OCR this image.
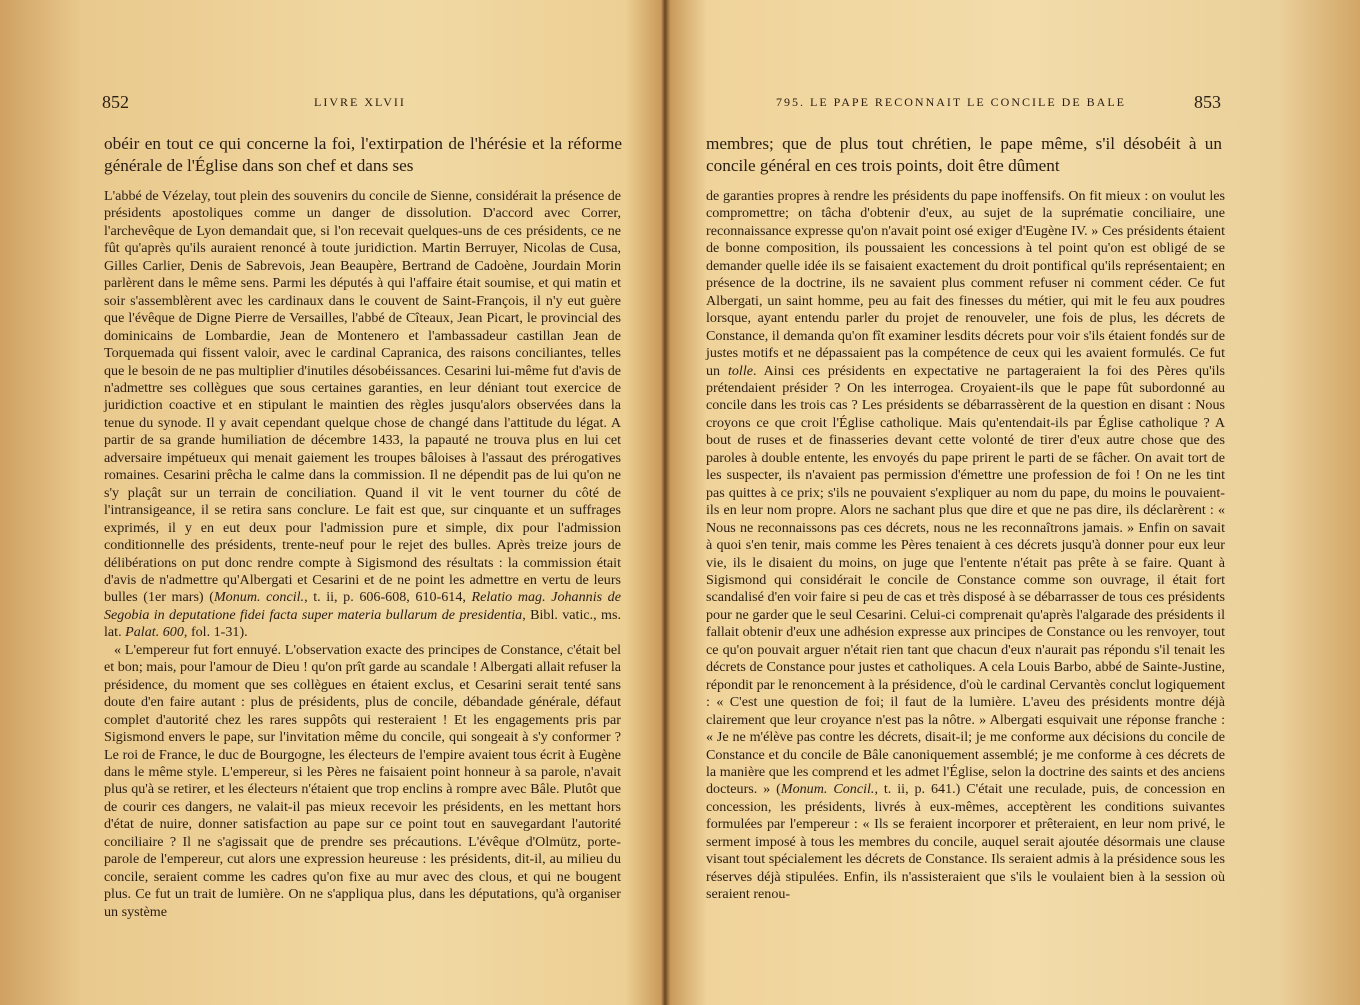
852	LIVRE XLVII
obéir en tout ce qui concerne la foi, l'extirpation de l'hérésie et la réforme générale de l'Église dans son chef et dans ses

L'abbé de Vézelay, tout plein des souvenirs du concile de Sienne, considérait la présence de présidents apostoliques comme un danger de dissolution. D'accord avec Correr, l'archevêque de Lyon demandait que, si l'on recevait quelques-uns de ces présidents, ce ne fût qu'après qu'ils auraient renoncé à toute juridiction. Martin Berruyer, Nicolas de Cusa, Gilles Carlier, Denis de Sabrevois, Jean Beaupère, Bertrand de Cadoène, Jourdain Morin parlèrent dans le même sens. Parmi les députés à qui l'affaire était soumise, et qui matin et soir s'assemblèrent avec les cardinaux dans le couvent de Saint-François, il n'y eut guère que l'évêque de Digne Pierre de Versailles, l'abbé de Cîteaux, Jean Picart, le provincial des dominicains de Lombardie, Jean de Montenero et l'ambassadeur castillan Jean de Torquemada qui fissent valoir, avec le cardinal Capranica, des raisons conciliantes, telles que le besoin de ne pas multiplier d'inutiles désobéissances. Cesarini lui-même fut d'avis de n'admettre ses collègues que sous certaines garanties, en leur déniant tout exercice de juridiction coactive et en stipulant le maintien des règles jusqu'alors observées dans la tenue du synode. Il y avait cependant quelque chose de changé dans l'attitude du légat. A partir de sa grande humiliation de décembre 1433, la papauté ne trouva plus en lui cet adversaire impétueux qui menait gaiement les troupes bâloises à l'assaut des prérogatives romaines. Cesarini prêcha le calme dans la commission. Il ne dépendit pas de lui qu'on ne s'y plaçât sur un terrain de conciliation. Quand il vit le vent tourner du côté de l'intransigeance, il se retira sans conclure. Le fait est que, sur cinquante et un suffrages exprimés, il y en eut deux pour l'admission pure et simple, dix pour l'admission conditionnelle des présidents, trente-neuf pour le rejet des bulles. Après treize jours de délibérations on put donc rendre compte à Sigismond des résultats : la commission était d'avis de n'admettre qu'Albergati et Cesarini et de ne point les admettre en vertu de leurs bulles (1er mars) (Monum. concil., t. ii, p. 606-608, 610-614, Relatio mag. Johannis de Segobia in deputatione fidei facta super materia bullarum de presidentia, Bibl. vatic., ms. lat. Palat. 600, fol. 1-31).

« L'empereur fut fort ennuyé. L'observation exacte des principes de Constance, c'était bel et bon; mais, pour l'amour de Dieu ! qu'on prît garde au scandale ! Albergati allait refuser la présidence, du moment que ses collègues en étaient exclus, et Cesarini serait tenté sans doute d'en faire autant : plus de présidents, plus de concile, débandade générale, défaut complet d'autorité chez les rares suppôts qui resteraient ! Et les engagements pris par Sigismond envers le pape, sur l'invitation même du concile, qui songeait à s'y conformer ? Le roi de France, le duc de Bourgogne, les électeurs de l'empire avaient tous écrit à Eugène dans le même style. L'empereur, si les Pères ne faisaient point honneur à sa parole, n'avait plus qu'à se retirer, et les électeurs n'étaient que trop enclins à rompre avec Bâle. Plutôt que de courir ces dangers, ne valait-il pas mieux recevoir les présidents, en les mettant hors d'état de nuire, donner satisfaction au pape sur ce point tout en sauvegardant l'autorité conciliaire ? Il ne s'agissait que de prendre ses précautions. L'évêque d'Olmütz, porte-parole de l'empereur, cut alors une expression heureuse : les présidents, dit-il, au milieu du concile, seraient comme les cadres qu'on fixe au mur avec des clous, et qui ne bougent plus. Ce fut un trait de lumière. On ne s'appliqua plus, dans les députations, qu'à organiser un système

795. LE PAPE RECONNAIT LE CONCILE DE BALE	853
membres; que de plus tout chrétien, le pape même, s'il désobéit à un concile général en ces trois points, doit être dûment

de garanties propres à rendre les présidents du pape inoffensifs. On fit mieux : on voulut les compromettre; on tâcha d'obtenir d'eux, au sujet de la suprématie conciliaire, une reconnaissance expresse qu'on n'avait point osé exiger d'Eugène IV. » Ces présidents étaient de bonne composition, ils poussaient les concessions à tel point qu'on est obligé de se demander quelle idée ils se faisaient exactement du droit pontifical qu'ils représentaient; en présence de la doctrine, ils ne savaient plus comment refuser ni comment céder. Ce fut Albergati, un saint homme, peu au fait des finesses du métier, qui mit le feu aux poudres lorsque, ayant entendu parler du projet de renouveler, une fois de plus, les décrets de Constance, il demanda qu'on fît examiner lesdits décrets pour voir s'ils étaient fondés sur de justes motifs et ne dépassaient pas la compétence de ceux qui les avaient formulés. Ce fut un tolle. Ainsi ces présidents en expectative ne partageraient la foi des Pères qu'ils prétendaient présider ? On les interrogea. Croyaient-ils que le pape fût subordonné au concile dans les trois cas ? Les présidents se débarrassèrent de la question en disant : Nous croyons ce que croit l'Église catholique. Mais qu'entendait-ils par Église catholique ? A bout de ruses et de finasseries devant cette volonté de tirer d'eux autre chose que des paroles à double entente, les envoyés du pape prirent le parti de se fâcher. On avait tort de les suspecter, ils n'avaient pas permission d'émettre une profession de foi ! On ne les tint pas quittes à ce prix; s'ils ne pouvaient s'expliquer au nom du pape, du moins le pouvaient-ils en leur nom propre. Alors ne sachant plus que dire et que ne pas dire, ils déclarèrent : « Nous ne reconnaissons pas ces décrets, nous ne les reconnaîtrons jamais. » Enfin on savait à quoi s'en tenir, mais comme les Pères tenaient à ces décrets jusqu'à donner pour eux leur vie, ils le disaient du moins, on juge que l'entente n'était pas prête à se faire. Quant à Sigismond qui considérait le concile de Constance comme son ouvrage, il était fort scandalisé d'en voir faire si peu de cas et très disposé à se débarrasser de tous ces présidents pour ne garder que le seul Cesarini. Celui-ci comprenait qu'après l'algarade des présidents il fallait obtenir d'eux une adhésion expresse aux principes de Constance ou les renvoyer, tout ce qu'on pouvait arguer n'était rien tant que chacun d'eux n'aurait pas répondu s'il tenait les décrets de Constance pour justes et catholiques. A cela Louis Barbo, abbé de Sainte-Justine, répondit par le renoncement à la présidence, d'où le cardinal Cervantès conclut logiquement : « C'est une question de foi; il faut de la lumière. L'aveu des présidents montre déjà clairement que leur croyance n'est pas la nôtre. » Albergati esquivait une réponse franche : « Je ne m'élève pas contre les décrets, disait-il; je me conforme aux décisions du concile de Constance et du concile de Bâle canoniquement assemblé; je me conforme à ces décrets de la manière que les comprend et les admet l'Église, selon la doctrine des saints et des anciens docteurs. » (Monum. Concil., t. ii, p. 641.) C'était une reculade, puis, de concession en concession, les présidents, livrés à eux-mêmes, acceptèrent les conditions suivantes formulées par l'empereur : « Ils se feraient incorporer et prêteraient, en leur nom privé, le serment imposé à tous les membres du concile, auquel serait ajoutée désormais une clause visant tout spécialement les décrets de Constance. Ils seraient admis à la présidence sous les réserves déjà stipulées. Enfin, ils n'assisteraient que s'ils le voulaient bien à la session où seraient renou-
